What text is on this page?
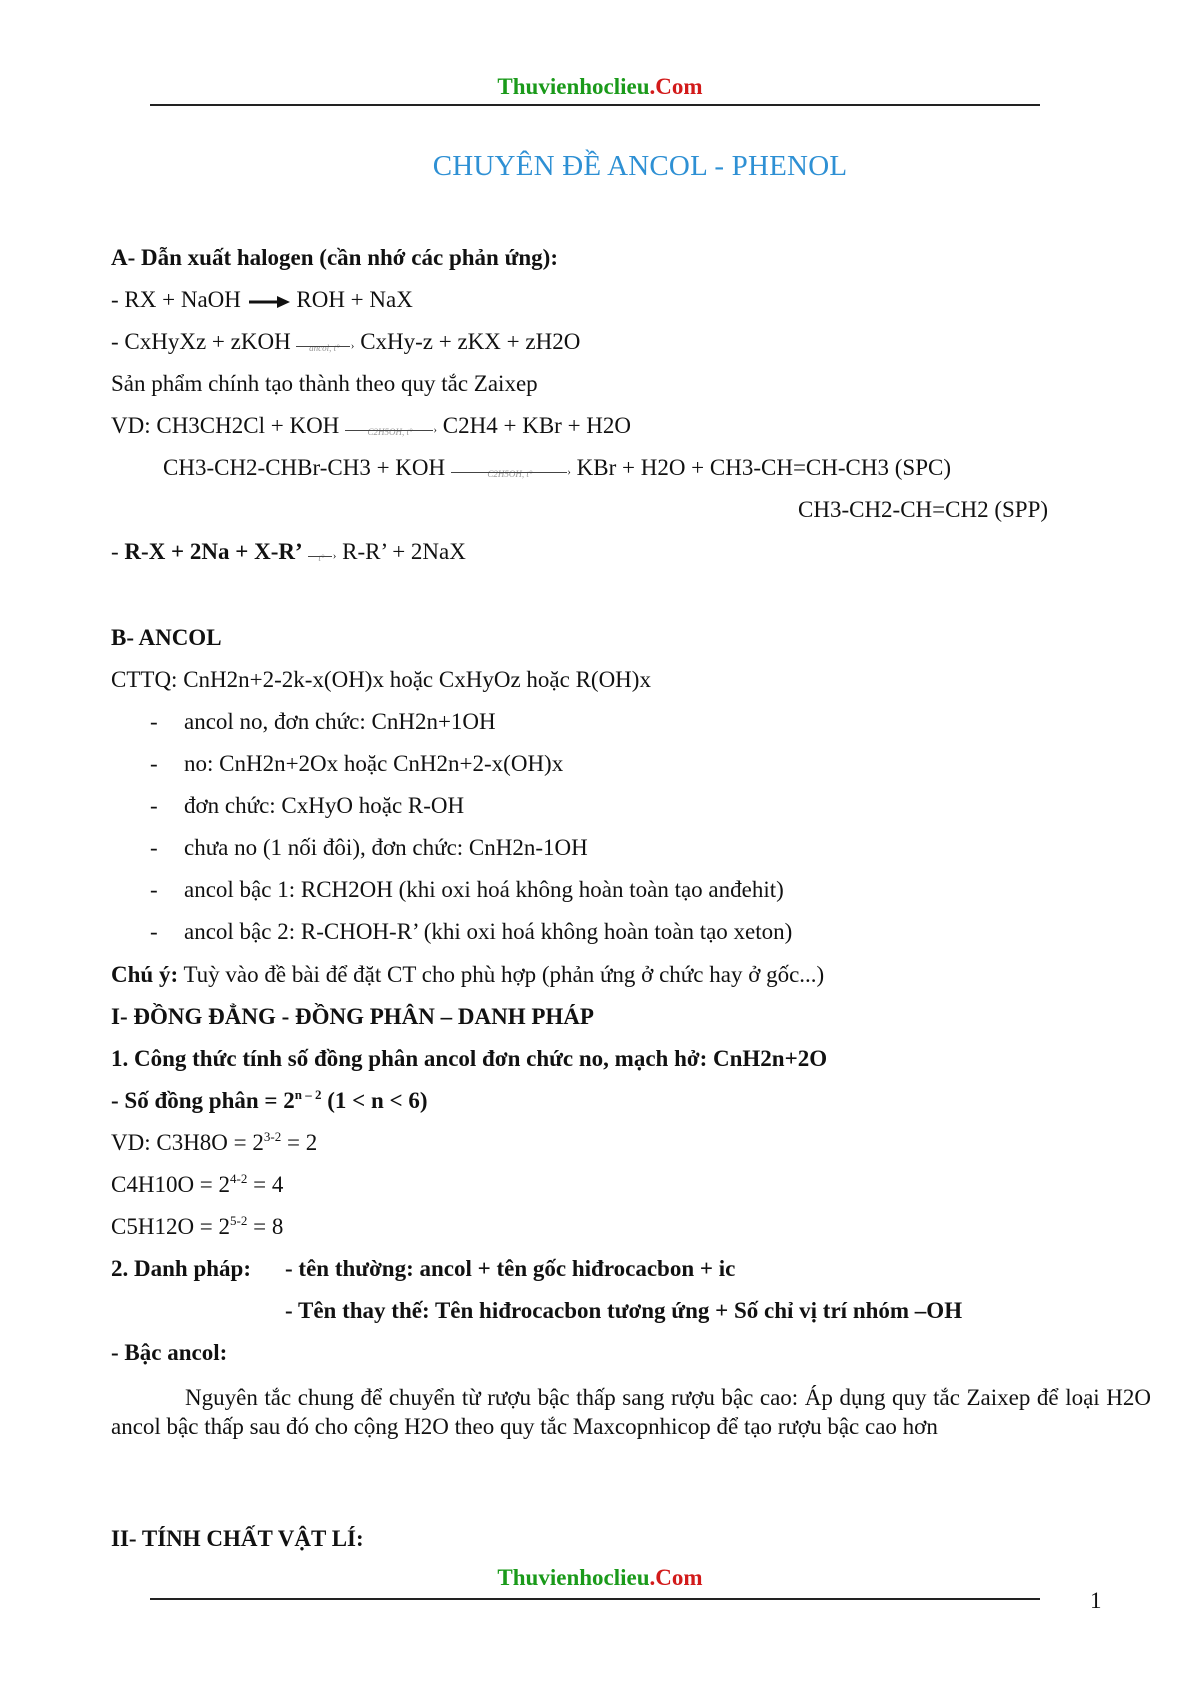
Thuvienhoclieu.Com
CHUYÊN ĐỀ ANCOL - PHENOL
A- Dẫn xuất halogen (cần nhớ các phản ứng):
- RX + NaOH ROH + NaX
- CxHyXz + zKOH	ancol, t°	› CxHy-z + zKX + zH2O
Sản phẩm chính tạo thành theo quy tắc Zaixep
VD: CH3CH2Cl + KOH	C2H5OH, t°	› C2H4 + KBr + H2O
CH3-CH2-CHBr-CH3 + KOH	C2H5OH, t°	› KBr + H2O + CH3-CH=CH-CH3 (SPC)
CH3-CH2-CH=CH2 (SPP)
- R-X + 2Na + X-R’	t° › R-R’ + 2NaX
B- ANCOL
CTTQ: CnH2n+2-2k-x(OH)x hoặc CxHyOz hoặc R(OH)x
- ancol no, đơn chức: CnH2n+1OH
- no: CnH2n+2Ox hoặc CnH2n+2-x(OH)x
- đơn chức: CxHyO hoặc R-OH
- chưa no (1 nối đôi), đơn chức: CnH2n-1OH
- ancol bậc 1: RCH2OH (khi oxi hoá không hoàn toàn tạo anđehit)
- ancol bậc 2: R-CHOH-R’ (khi oxi hoá không hoàn toàn tạo xeton)
Chú ý: Tuỳ vào đề bài để đặt CT cho phù hợp (phản ứng ở chức hay ở gốc...)
I- ĐỒNG ĐẲNG - ĐỒNG PHÂN – DANH PHÁP
1. Công thức tính số đồng phân ancol đơn chức no, mạch hở: CnH2n+2O
- Số đồng phân = $2^{n - 2}$ (1 < n < 6)
VD: $C3H8O = 2^{3-2} = 2$
$C4H10O = 2^{4-2} = 4$
$C5H12O = 2^{5-2} = 8$
2. Danh pháp: - tên thường: ancol + tên gốc hiđrocacbon + ic
- Tên thay thế: Tên hiđrocacbon tương ứng + Số chỉ vị trí nhóm –OH
- Bậc ancol:
Nguyên tắc chung để chuyển từ rượu bậc thấp sang rượu bậc cao: Áp dụng quy tắc Zaixep để loại H2O ancol bậc thấp sau đó cho cộng H2O theo quy tắc Maxcopnhicop để tạo rượu bậc cao hơn
II- TÍNH CHẤT VẬT LÍ:
Thuvienhoclieu.Com
1
